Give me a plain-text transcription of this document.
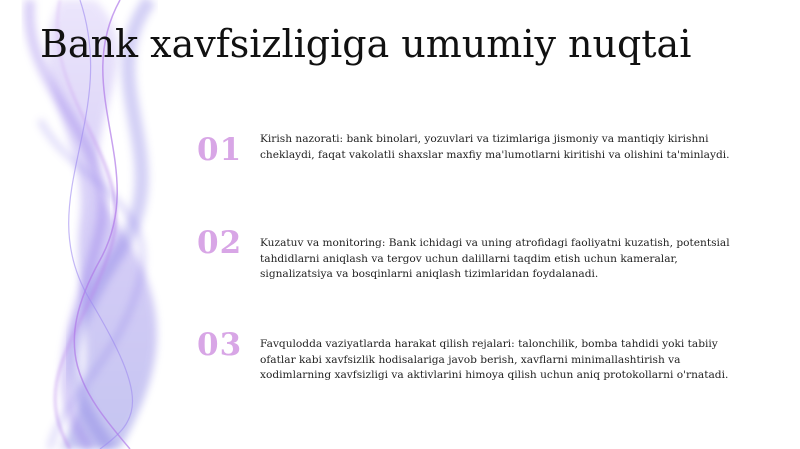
Bank xavfsizligiga umumiy nuqtai
01 Kirish nazorati: bank binolari, yozuvlari va tizimlariga jismoniy va mantiqiy kirishni cheklaydi, faqat vakolatli shaxslar maxfiy ma'lumotlarni kiritishi va olishini ta'minlaydi.
02 Kuzatuv va monitoring: Bank ichidagi va uning atrofidagi faoliyatni kuzatish, potentsial tahdidlarni aniqlash va tergov uchun dalillarni taqdim etish uchun kameralar, signalizatsiya va bosqinlarni aniqlash tizimlaridan foydalanadi.
03 Favqulodda vaziyatlarda harakat qilish rejalari: talonchilik, bomba tahdidi yoki tabiiy ofatlar kabi xavfsizlik hodisalariga javob berish, xavflarni minimallashtirish va xodimlarning xavfsizligi va aktivlarini himoya qilish uchun aniq protokollarni o'rnatadi.
